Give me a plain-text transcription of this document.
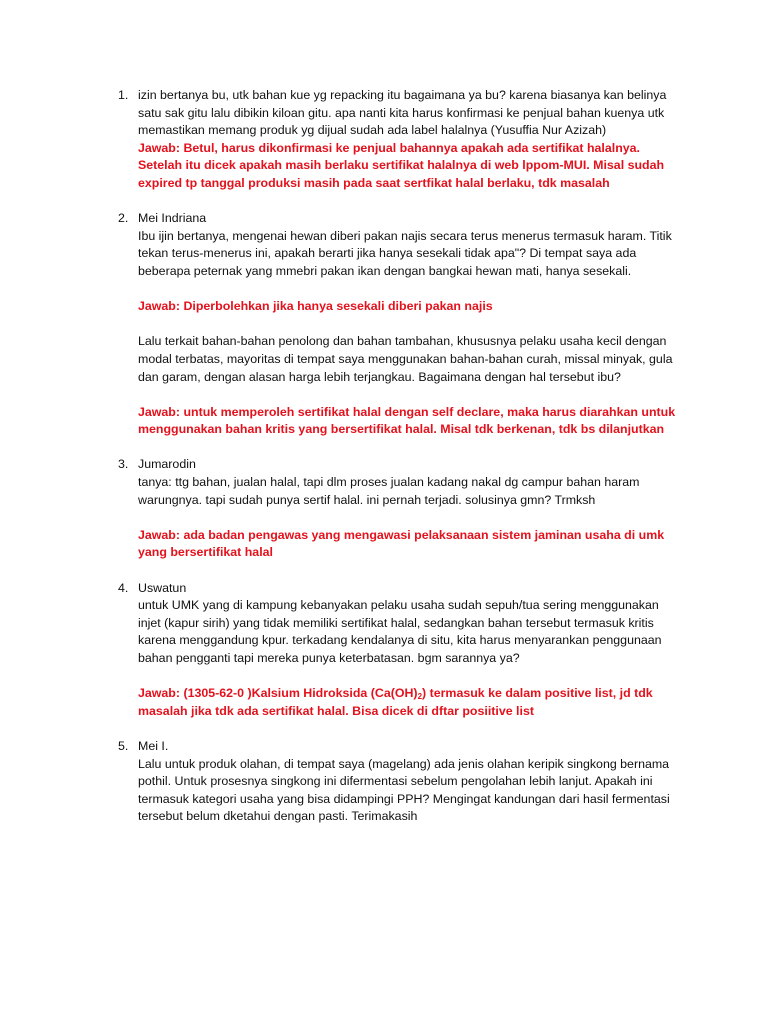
1. izin bertanya bu, utk bahan kue yg repacking itu bagaimana ya bu? karena biasanya kan belinya satu sak gitu lalu dibikin kiloan gitu. apa nanti kita harus konfirmasi ke penjual bahan kuenya utk memastikan memang produk yg dijual sudah ada label halalnya (Yusuffia Nur Azizah)

Jawab: Betul, harus dikonfirmasi ke penjual bahannya apakah ada sertifikat halalnya. Setelah itu dicek apakah masih berlaku sertifikat halalnya di web lppom-MUI. Misal sudah expired tp tanggal produksi masih pada saat sertfikat halal berlaku, tdk masalah

2. Mei Indriana

Ibu ijin bertanya, mengenai hewan diberi pakan najis secara terus menerus termasuk haram. Titik tekan terus-menerus ini, apakah berarti jika hanya sesekali tidak apa"? Di tempat saya ada beberapa peternak yang mmebri pakan ikan dengan bangkai hewan mati, hanya sesekali.

Jawab: Diperbolehkan jika hanya sesekali diberi pakan najis

Lalu terkait bahan-bahan penolong dan bahan tambahan, khususnya pelaku usaha kecil dengan modal terbatas, mayoritas di tempat saya menggunakan bahan-bahan curah, missal minyak, gula dan garam, dengan alasan harga lebih terjangkau. Bagaimana dengan hal tersebut ibu?

Jawab: untuk memperoleh sertifikat halal dengan self declare, maka harus diarahkan untuk menggunakan bahan kritis yang bersertifikat halal. Misal tdk berkenan, tdk bs dilanjutkan

3. Jumarodin

tanya: ttg bahan, jualan halal, tapi dlm proses jualan kadang nakal dg campur bahan haram warungnya. tapi sudah punya sertif halal. ini pernah terjadi. solusinya gmn? Trmksh

Jawab: ada badan pengawas yang mengawasi pelaksanaan sistem jaminan usaha di umk yang bersertifikat halal

4. Uswatun

untuk UMK yang di kampung kebanyakan pelaku usaha sudah sepuh/tua sering menggunakan injet (kapur sirih) yang tidak memiliki sertifikat halal, sedangkan bahan tersebut termasuk kritis karena menggandung kpur. terkadang kendalanya di situ, kita harus menyarankan penggunaan bahan pengganti tapi mereka punya keterbatasan. bgm sarannya ya?

Jawab: (1305-62-0 )Kalsium Hidroksida $(Ca(OH)_2)$ termasuk ke dalam positive list, jd tdk masalah jika tdk ada sertifikat halal. Bisa dicek di dftar posiitive list

5. Mei I.

Lalu untuk produk olahan, di tempat saya (magelang) ada jenis olahan keripik singkong bernama pothil. Untuk prosesnya singkong ini difermentasi sebelum pengolahan lebih lanjut. Apakah ini termasuk kategori usaha yang bisa didampingi PPH? Mengingat kandungan dari hasil fermentasi tersebut belum dketahui dengan pasti. Terimakasih
